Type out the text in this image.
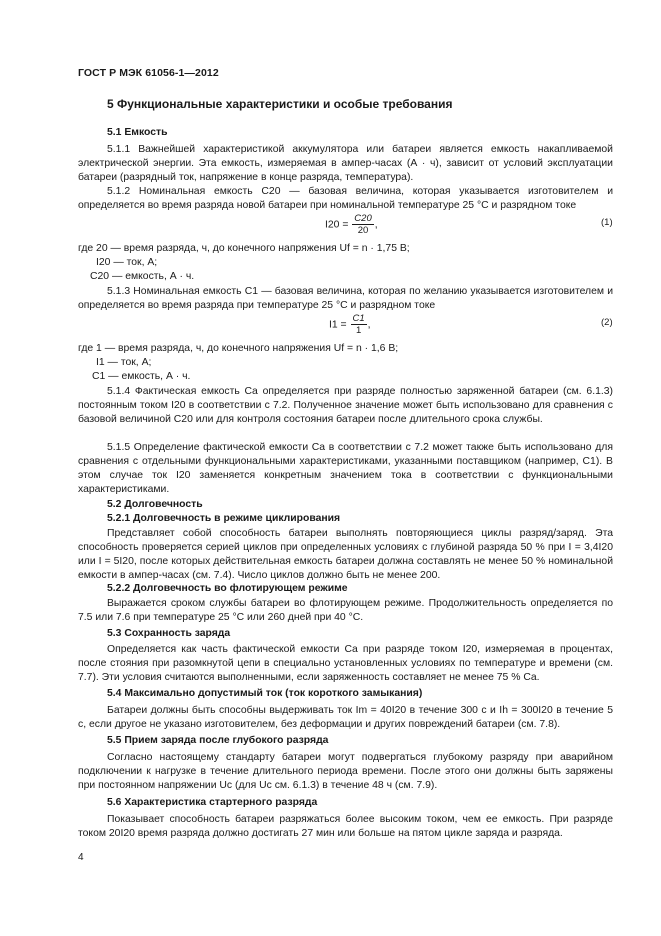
ГОСТ Р МЭК 61056-1—2012
5 Функциональные характеристики и особые требования
5.1 Емкость
5.1.1 Важнейшей характеристикой аккумулятора или батареи является емкость накапливаемой электрической энергии. Эта емкость, измеряемая в ампер-часах (А · ч), зависит от условий эксплуатации батареи (разрядный ток, напряжение в конце разряда, температура).
5.1.2 Номинальная емкость C20 — базовая величина, которая указывается изготовителем и определяется во время разряда новой батареи при номинальной температуре 25 °С и разрядном токе
$I20 = \frac{C20}{20}$ ,	(1)
где 20 — время разряда, ч, до конечного напряжения Uf = n · 1,75 В;
I20 — ток, А;
C20 — емкость, А · ч.
5.1.3 Номинальная емкость C1 — базовая величина, которая по желанию указывается изготовителем и определяется во время разряда при температуре 25 °С и разрядном токе
$I1 = \frac{C1}{1}$ ,	(2)
где 1 — время разряда, ч, до конечного напряжения Uf = n · 1,6 В;
I1 — ток, А;
C1 — емкость, А · ч.
5.1.4 Фактическая емкость Ca определяется при разряде полностью заряженной батареи (см. 6.1.3) постоянным током I20 в соответствии с 7.2. Полученное значение может быть использовано для сравнения с базовой величиной C20 или для контроля состояния батареи после длительного срока службы.
5.1.5 Определение фактической емкости Ca в соответствии с 7.2 может также быть использовано для сравнения с отдельными функциональными характеристиками, указанными поставщиком (например, C1). В этом случае ток I20 заменяется конкретным значением тока в соответствии с функциональными характеристиками.
5.2 Долговечность
5.2.1 Долговечность в режиме циклирования
Представляет собой способность батареи выполнять повторяющиеся циклы разряд/заряд. Эта способность проверяется серией циклов при определенных условиях с глубиной разряда 50 % при I = 3,4I20 или I = 5I20, после которых действительная емкость батареи должна составлять не менее 50 % номинальной емкости в ампер-часах (см. 7.4). Число циклов должно быть не менее 200.
5.2.2 Долговечность во флотирующем режиме
Выражается сроком службы батареи во флотирующем режиме. Продолжительность определяется по 7.5 или 7.6 при температуре 25 °С или 260 дней при 40 °С.
5.3 Сохранность заряда
Определяется как часть фактической емкости Ca при разряде током I20, измеряемая в процентах, после стояния при разомкнутой цепи в специально установленных условиях по температуре и времени (см. 7.7). Эти условия считаются выполненными, если заряженность составляет не менее 75 % Ca.
5.4 Максимально допустимый ток (ток короткого замыкания)
Батареи должны быть способны выдерживать ток Im = 40I20 в течение 300 с и Ih = 300I20 в течение 5 с, если другое не указано изготовителем, без деформации и других повреждений батареи (см. 7.8).
5.5 Прием заряда после глубокого разряда
Согласно настоящему стандарту батареи могут подвергаться глубокому разряду при аварийном подключении к нагрузке в течение длительного периода времени. После этого они должны быть заряжены при постоянном напряжении Uc (для Uc см. 6.1.3) в течение 48 ч (см. 7.9).
5.6 Характеристика стартерного разряда
Показывает способность батареи разряжаться более высоким током, чем ее емкость. При разряде током 20I20 время разряда должно достигать 27 мин или больше на пятом цикле заряда и разряда.
4
